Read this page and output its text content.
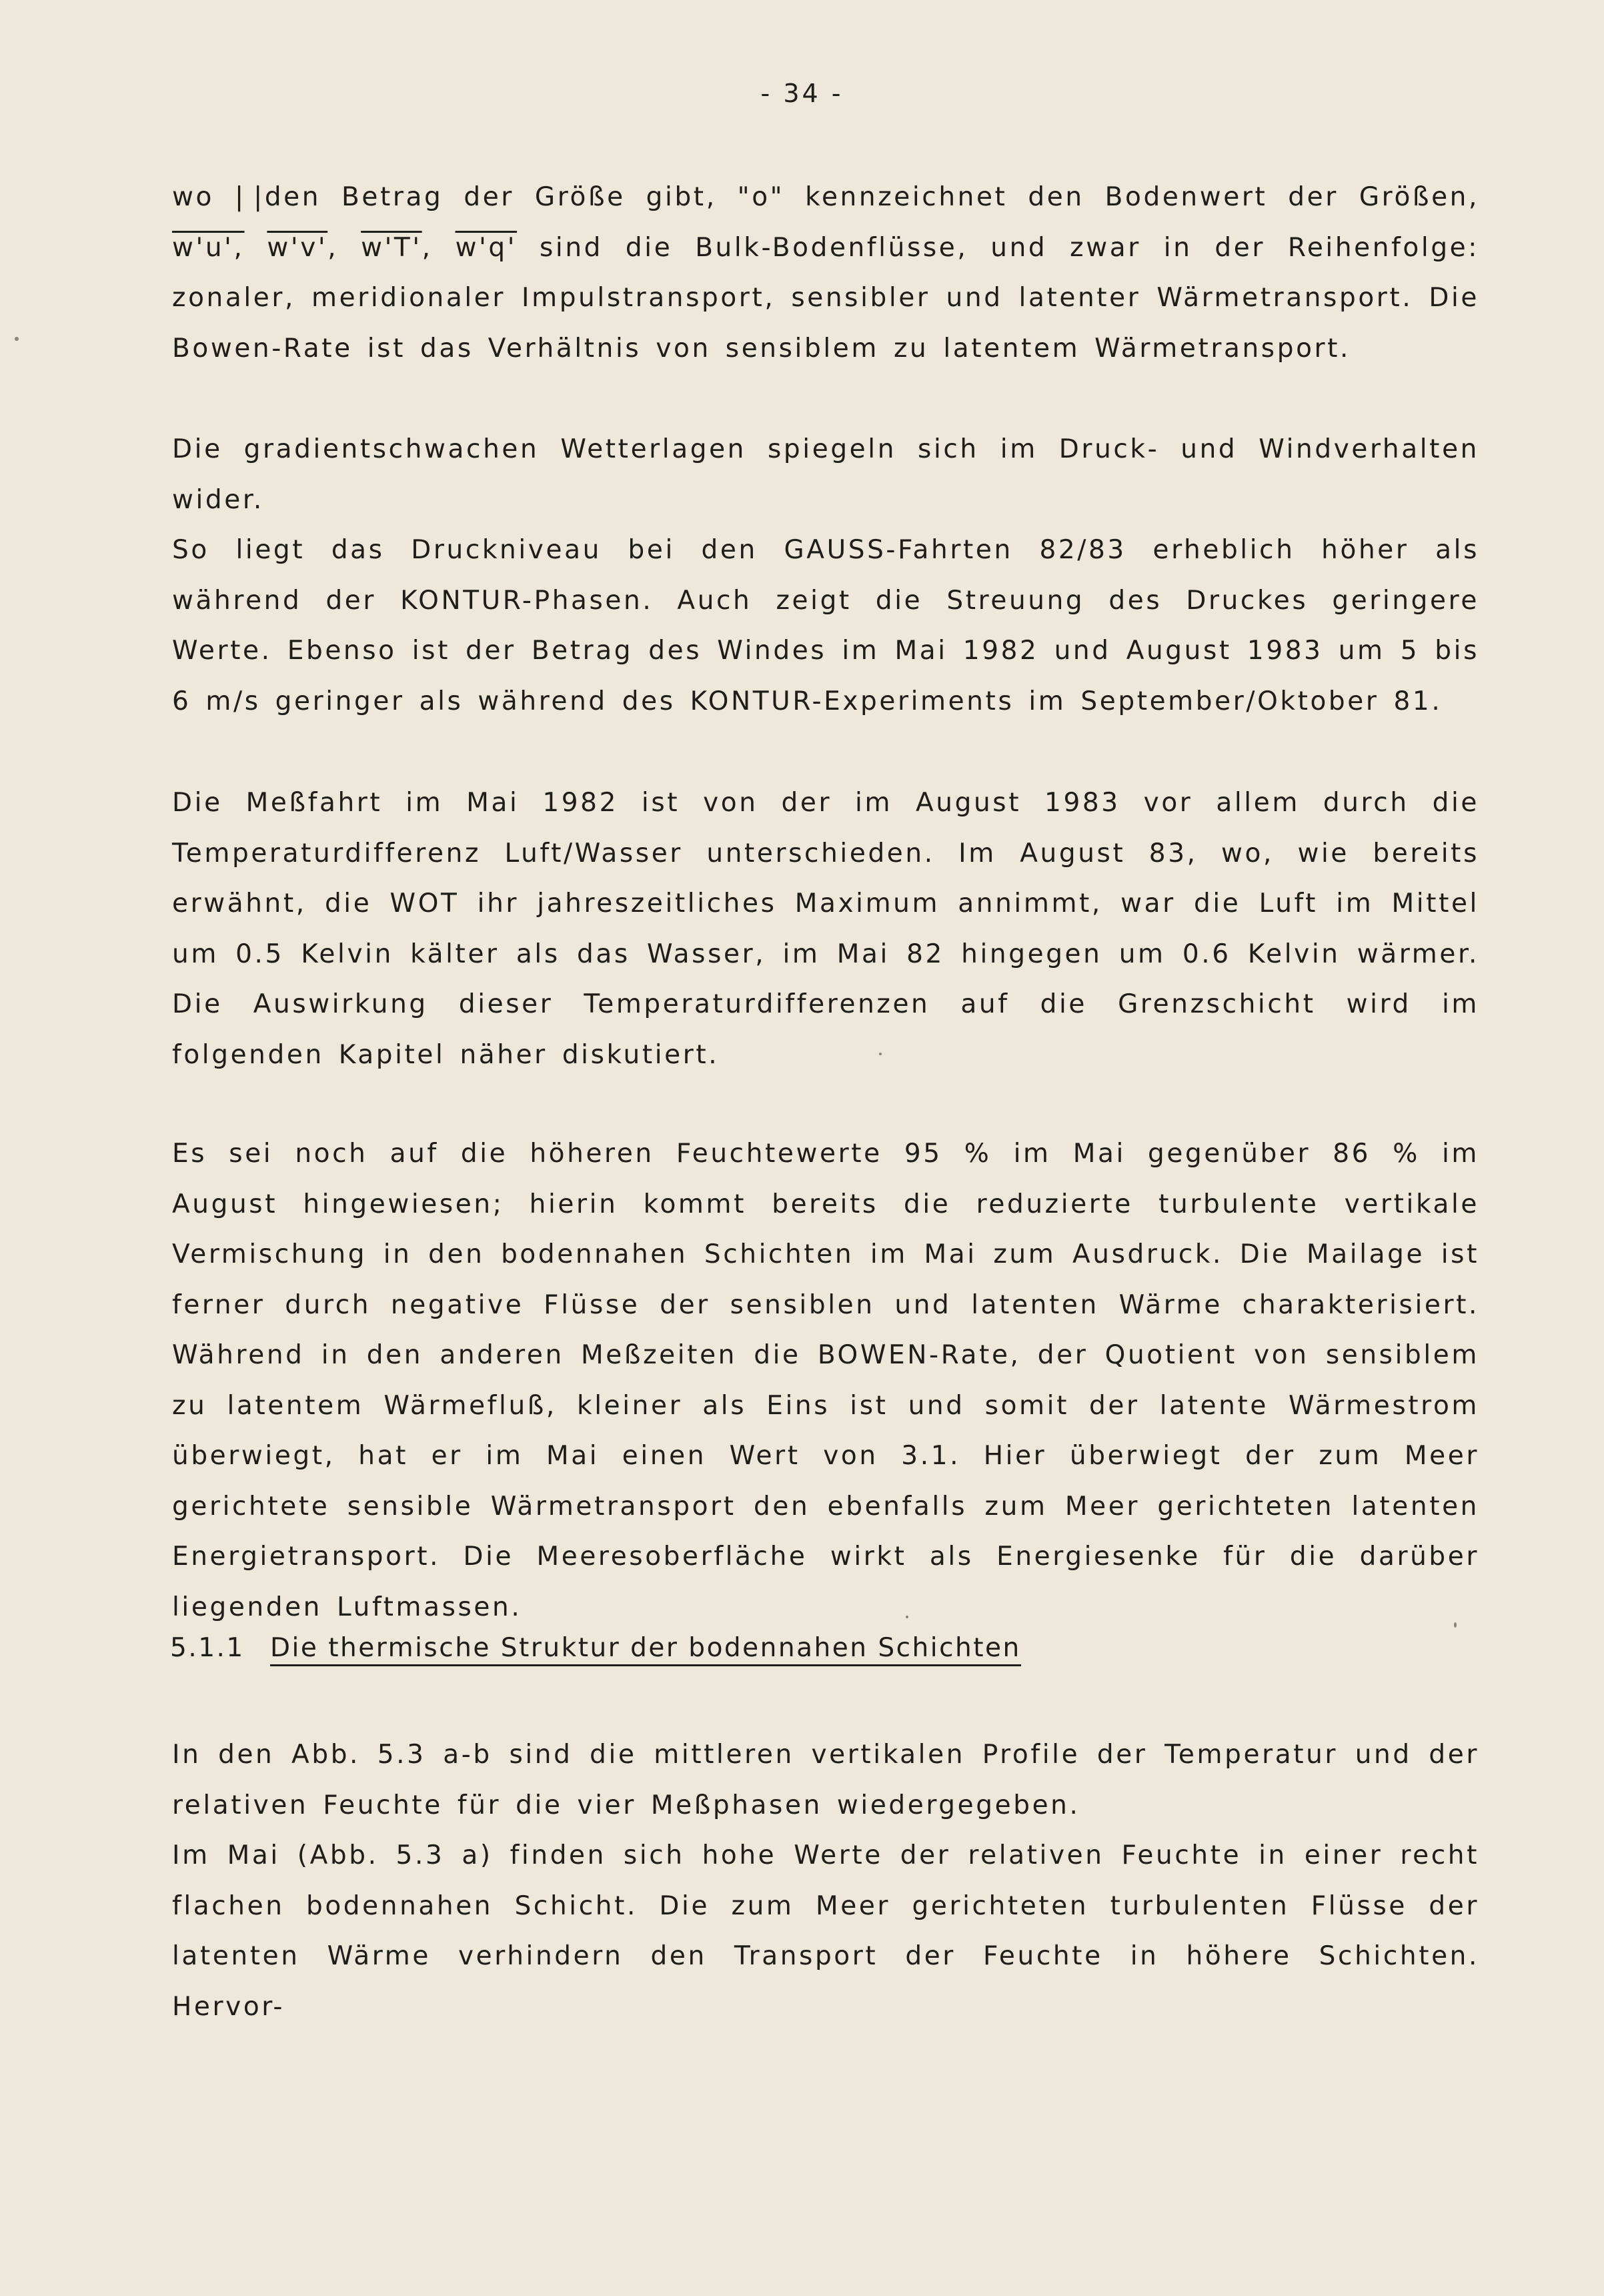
- 34 -

wo | |den Betrag der Größe gibt, "o" kennzeichnet den Bodenwert der Größen, w'u', w'v', w'T', w'q' sind die Bulk-Bodenflüsse, und zwar in der Reihenfolge: zonaler, meridionaler Impulstransport, sensibler und latenter Wärmetransport. Die Bowen-Rate ist das Verhältnis von sensiblem zu latentem Wärmetransport.

Die gradientschwachen Wetterlagen spiegeln sich im Druck- und Windverhalten wider.

So liegt das Druckniveau bei den GAUSS-Fahrten 82/83 erheblich höher als während der KONTUR-Phasen. Auch zeigt die Streuung des Druckes geringere Werte. Ebenso ist der Betrag des Windes im Mai 1982 und August 1983 um 5 bis 6 m/s geringer als während des KONTUR-Experiments im September/Oktober 81.

Die Meßfahrt im Mai 1982 ist von der im August 1983 vor allem durch die Temperaturdifferenz Luft/Wasser unterschieden. Im August 83, wo, wie bereits erwähnt, die WOT ihr jahreszeitliches Maximum annimmt, war die Luft im Mittel um 0.5 Kelvin kälter als das Wasser, im Mai 82 hingegen um 0.6 Kelvin wärmer. Die Auswirkung dieser Temperaturdifferenzen auf die Grenzschicht wird im folgenden Kapitel näher diskutiert.

Es sei noch auf die höheren Feuchtewerte 95 % im Mai gegenüber 86 % im August hingewiesen; hierin kommt bereits die reduzierte turbulente vertikale Vermischung in den bodennahen Schichten im Mai zum Ausdruck. Die Mailage ist ferner durch negative Flüsse der sensiblen und latenten Wärme charakterisiert. Während in den anderen Meßzeiten die BOWEN-Rate, der Quotient von sensiblem zu latentem Wärmefluß, kleiner als Eins ist und somit der latente Wärmestrom überwiegt, hat er im Mai einen Wert von 3.1. Hier überwiegt der zum Meer gerichtete sensible Wärmetransport den ebenfalls zum Meer gerichteten latenten Energietransport. Die Meeresoberfläche wirkt als Energiesenke für die darüber liegenden Luftmassen.

5.1.1 Die thermische Struktur der bodennahen Schichten

In den Abb. 5.3 a-b sind die mittleren vertikalen Profile der Temperatur und der relativen Feuchte für die vier Meßphasen wiedergegeben.

Im Mai (Abb. 5.3 a) finden sich hohe Werte der relativen Feuchte in einer recht flachen bodennahen Schicht. Die zum Meer gerichteten turbulenten Flüsse der latenten Wärme verhindern den Transport der Feuchte in höhere Schichten. Hervor-
